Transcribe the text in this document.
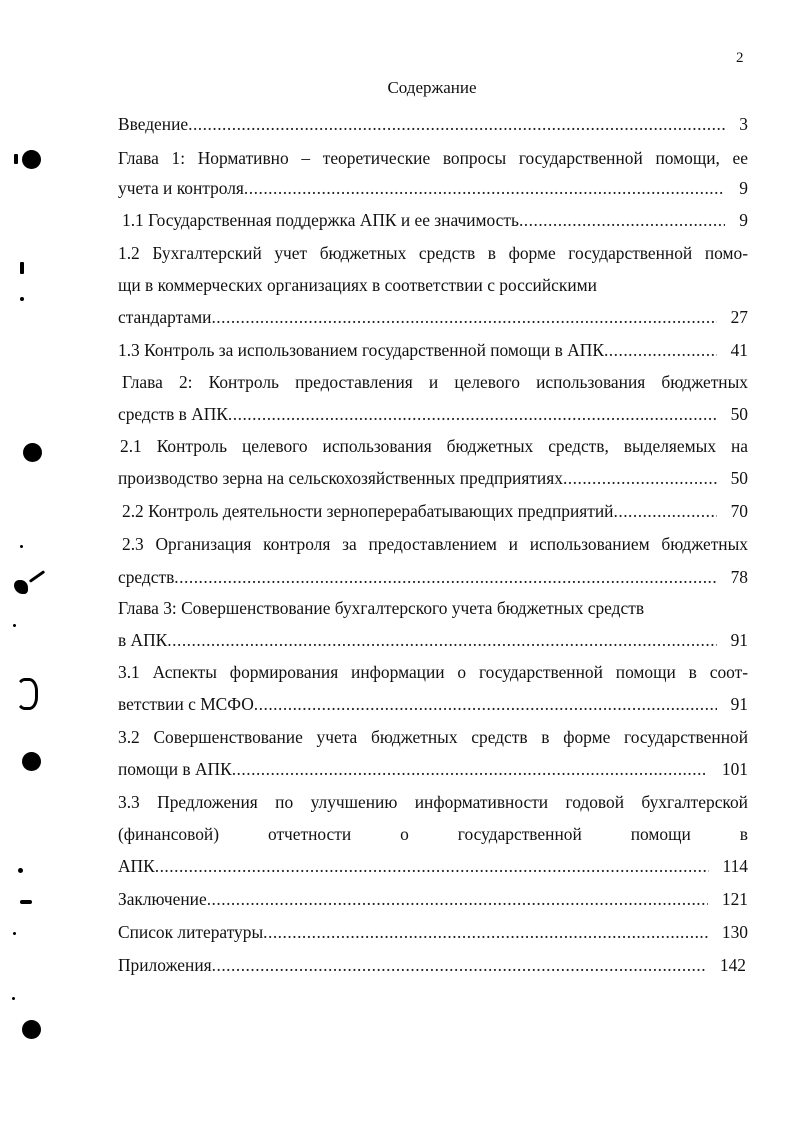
2
Содержание
Введение .....	3
Глава 1: Нормативно – теоретические вопросы государственной помощи, ее
учета и контроля .....	9
1.1 Государственная поддержка АПК и ее значимость .....	9
1.2 Бухгалтерский учет бюджетных средств в форме государственной помо-
щи в коммерческих организациях в соответствии с российскими
стандартами .....	27
1.3 Контроль за использованием государственной помощи в АПК .....	41
Глава 2: Контроль предоставления и целевого использования бюджетных
средств в АПК .....	50
2.1 Контроль целевого использования бюджетных средств, выделяемых на
производство зерна на сельскохозяйственных предприятиях .....	50
2.2 Контроль деятельности зерноперерабатывающих предприятий .....	70
2.3 Организация контроля за предоставлением и использованием бюджетных
средств .....	78
Глава 3: Совершенствование бухгалтерского учета бюджетных средств
в АПК .....	91
3.1 Аспекты формирования информации о государственной помощи в соот-
ветствии с МСФО .....	91
3.2 Совершенствование учета бюджетных средств в форме государственной
помощи в АПК .....	101
3.3 Предложения по улучшению информативности годовой бухгалтерской
(финансовой) отчетности о государственной помощи в
АПК .....	114
Заключение .....	121
Список литературы .....	130
Приложения .....	142
